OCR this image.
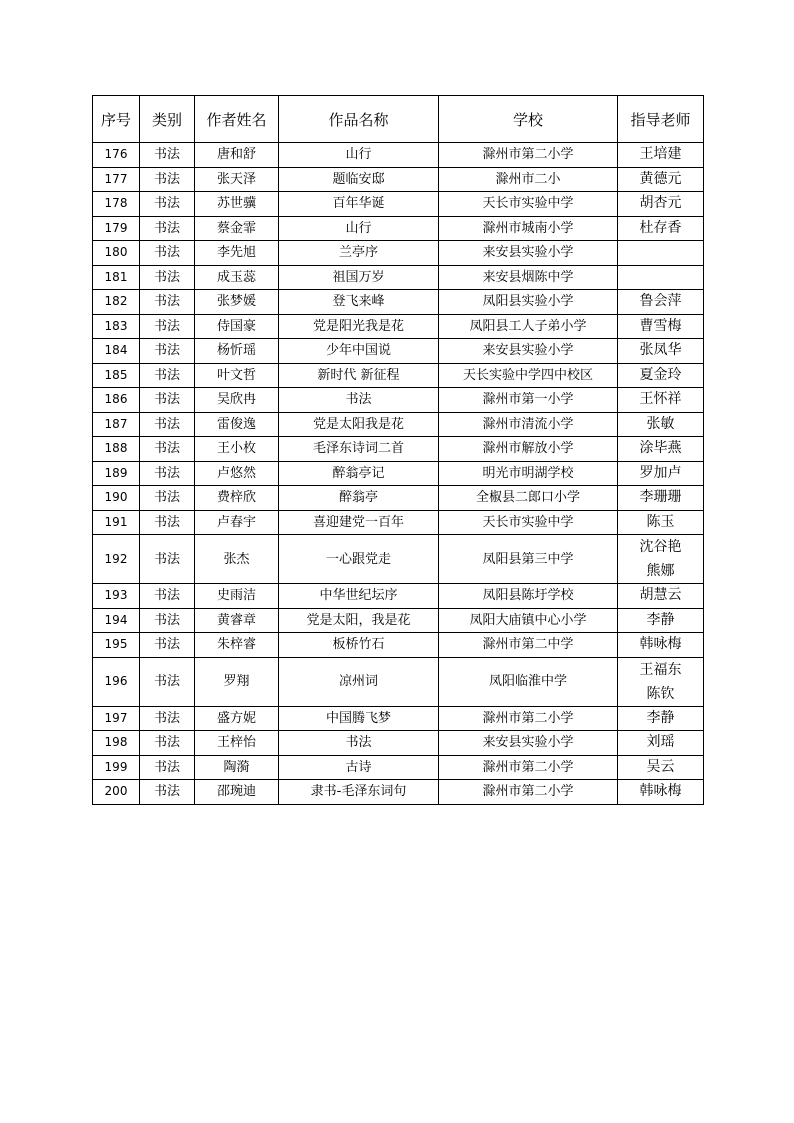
序号	类别	作者姓名	作品名称	学校	指导老师
176	书法	唐和舒	山行	滁州市第二小学	王培建

177	书法	张天泽	题临安邸	滁州市二小	黄德元

178	书法	苏世骥	百年华诞	天长市实验中学	胡杏元

179	书法	蔡金霏	山行	滁州市城南小学	杜存香

180	书法	李先旭	兰亭序	来安县实验小学	

181	书法	成玉蕊	祖国万岁	来安县烟陈中学	

182	书法	张梦媛	登飞来峰	凤阳县实验小学	鲁会萍

183	书法	侍国豪	党是阳光我是花	凤阳县工人子弟小学	曹雪梅

184	书法	杨忻瑶	少年中国说	来安县实验小学	张凤华

185	书法	叶文哲	新时代 新征程	天长实验中学四中校区	夏金玲

186	书法	吴欣冉	书法	滁州市第一小学	王怀祥

187	书法	雷俊逸	党是太阳我是花	滁州市清流小学	张敏

188	书法	王小枚	毛泽东诗词二首	滁州市解放小学	涂毕燕

189	书法	卢悠然	醉翁亭记	明光市明湖学校	罗加卢

190	书法	费梓欣	醉翁亭	全椒县二郎口小学	李珊珊

191	书法	卢春宇	喜迎建党一百年	天长市实验中学	陈玉

192	书法	张杰	一心跟党走	凤阳县第三中学	沈谷艳
熊娜

193	书法	史雨洁	中华世纪坛序	凤阳县陈圩学校	胡慧云

194	书法	黄睿章	党是太阳，我是花	凤阳大庙镇中心小学	李静

195	书法	朱梓睿	板桥竹石	滁州市第二中学	韩咏梅

196	书法	罗翔	凉州词	凤阳临淮中学	王福东
陈钦

197	书法	盛方妮	中国腾飞梦	滁州市第二小学	李静

198	书法	王梓怡	书法	来安县实验小学	刘瑶

199	书法	陶漪	古诗	滁州市第二小学	吴云

200	书法	邵琬迪	隶书-毛泽东词句	滁州市第二小学	韩咏梅
